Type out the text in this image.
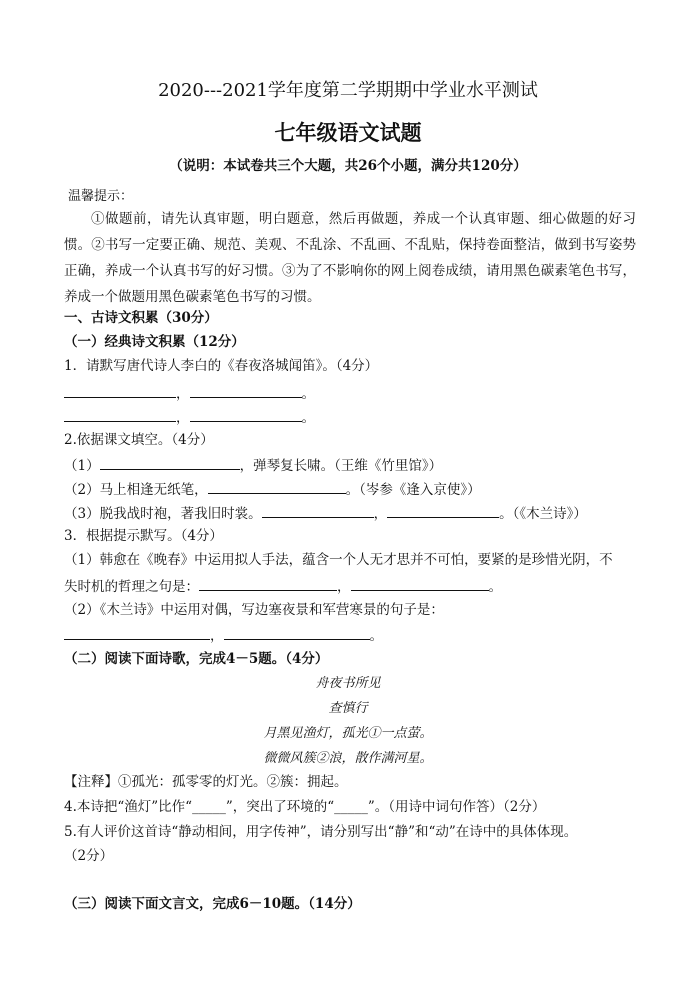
2020---2021学年度第二学期期中学业水平测试
七年级语文试题
（说明：本试卷共三个大题，共26个小题，满分共120分）
温馨提示：
①做题前，请先认真审题，明白题意，然后再做题，养成一个认真审题、细心做题的好习惯。②书写一定要正确、规范、美观、不乱涂、不乱画、不乱贴，保持卷面整洁，做到书写姿势正确，养成一个认真书写的好习惯。③为了不影响你的网上阅卷成绩，请用黑色碳素笔色书写，养成一个做题用黑色碳素笔色书写的习惯。
一、古诗文积累（30分）
（一）经典诗文积累（12分）
1．请默写唐代诗人李白的《春夜洛城闻笛》。（4分）
，	。
，	。
2.依据课文填空。（4分）
（1）	，弹琴复长啸。（王维《竹里馆》）
（2）马上相逢无纸笔，	。（岑参《逢入京使》）
（3）脱我战时袍，著我旧时裳。	，	。（《木兰诗》）
3．根据提示默写。（4分）
（1）韩愈在《晚春》中运用拟人手法，蕴含一个人无才思并不可怕，要紧的是珍惜光阴，不
失时机的哲理之句是：	，	。
（2）《木兰诗》中运用对偶，写边塞夜景和军营寒景的句子是：
，	。
（二）阅读下面诗歌，完成4－5题。（4分）
舟夜书所见
查慎行
月黑见渔灯，孤光①一点萤。
微微风簇②浪，散作满河星。
【注释】①孤光：孤零零的灯光。②簇：拥起。
4.本诗把“渔灯”比作“_____”，突出了环境的“_____”。（用诗中词句作答）（2分）
5.有人评价这首诗“静动相间，用字传神”，请分别写出“静”和“动”在诗中的具体体现。
（2分）
（三）阅读下面文言文，完成6－10题。（14分）
